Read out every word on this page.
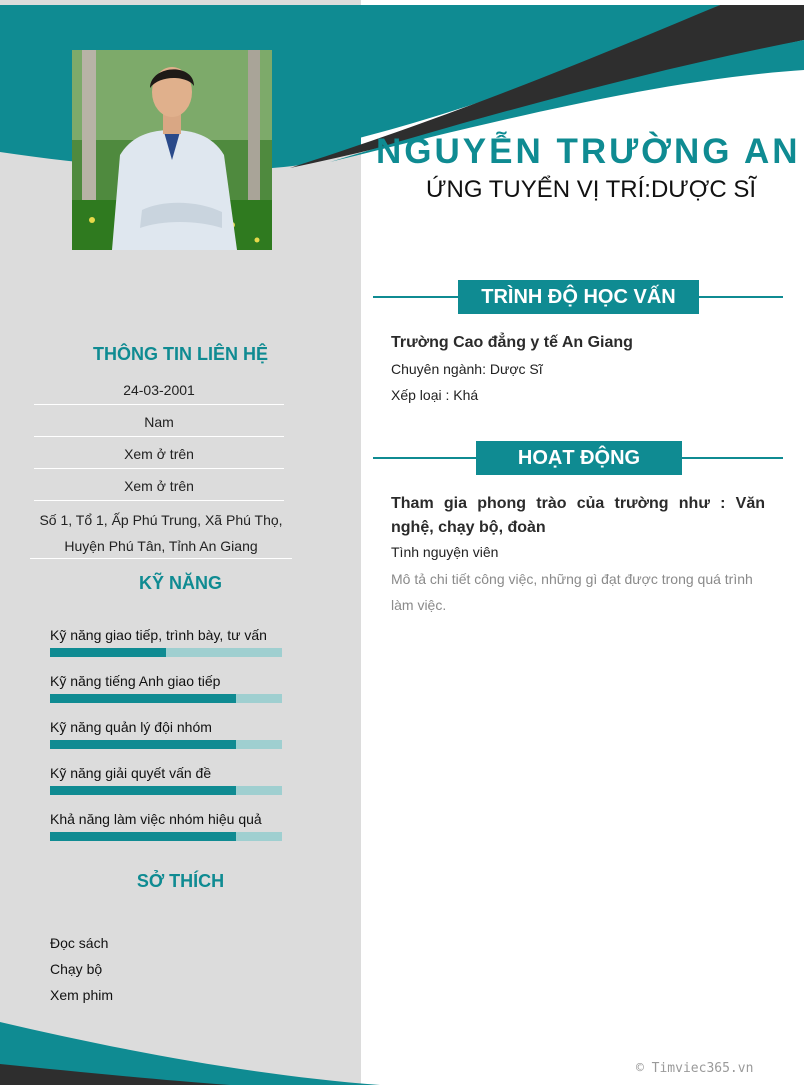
NGUYỄN TRƯỜNG AN
ỨNG TUYỂN VỊ TRÍ:DƯỢC SĨ
TRÌNH ĐỘ HỌC VẤN
Trường Cao đẳng y tế An Giang
Chuyên ngành: Dược Sĩ
Xếp loại : Khá
HOẠT ĐỘNG
Tham gia phong trào của trường như : Văn nghệ, chạy bộ, đoàn
Tình nguyện viên
Mô tả chi tiết công việc, những gì đạt được trong quá trình làm việc.
THÔNG TIN LIÊN HỆ
24-03-2001
Nam
Xem ở trên
Xem ở trên
Số 1, Tổ 1, Ấp Phú Trung, Xã Phú Thọ, Huyện Phú Tân, Tỉnh An Giang
KỸ NĂNG
Kỹ năng giao tiếp, trình bày, tư vấn
Kỹ năng tiếng Anh giao tiếp
Kỹ năng quản lý đội nhóm
Kỹ năng giải quyết vấn đề
Khả năng làm việc nhóm hiệu quả
SỞ THÍCH
Đọc sách
Chạy bộ
Xem phim
© Timviec365.vn
